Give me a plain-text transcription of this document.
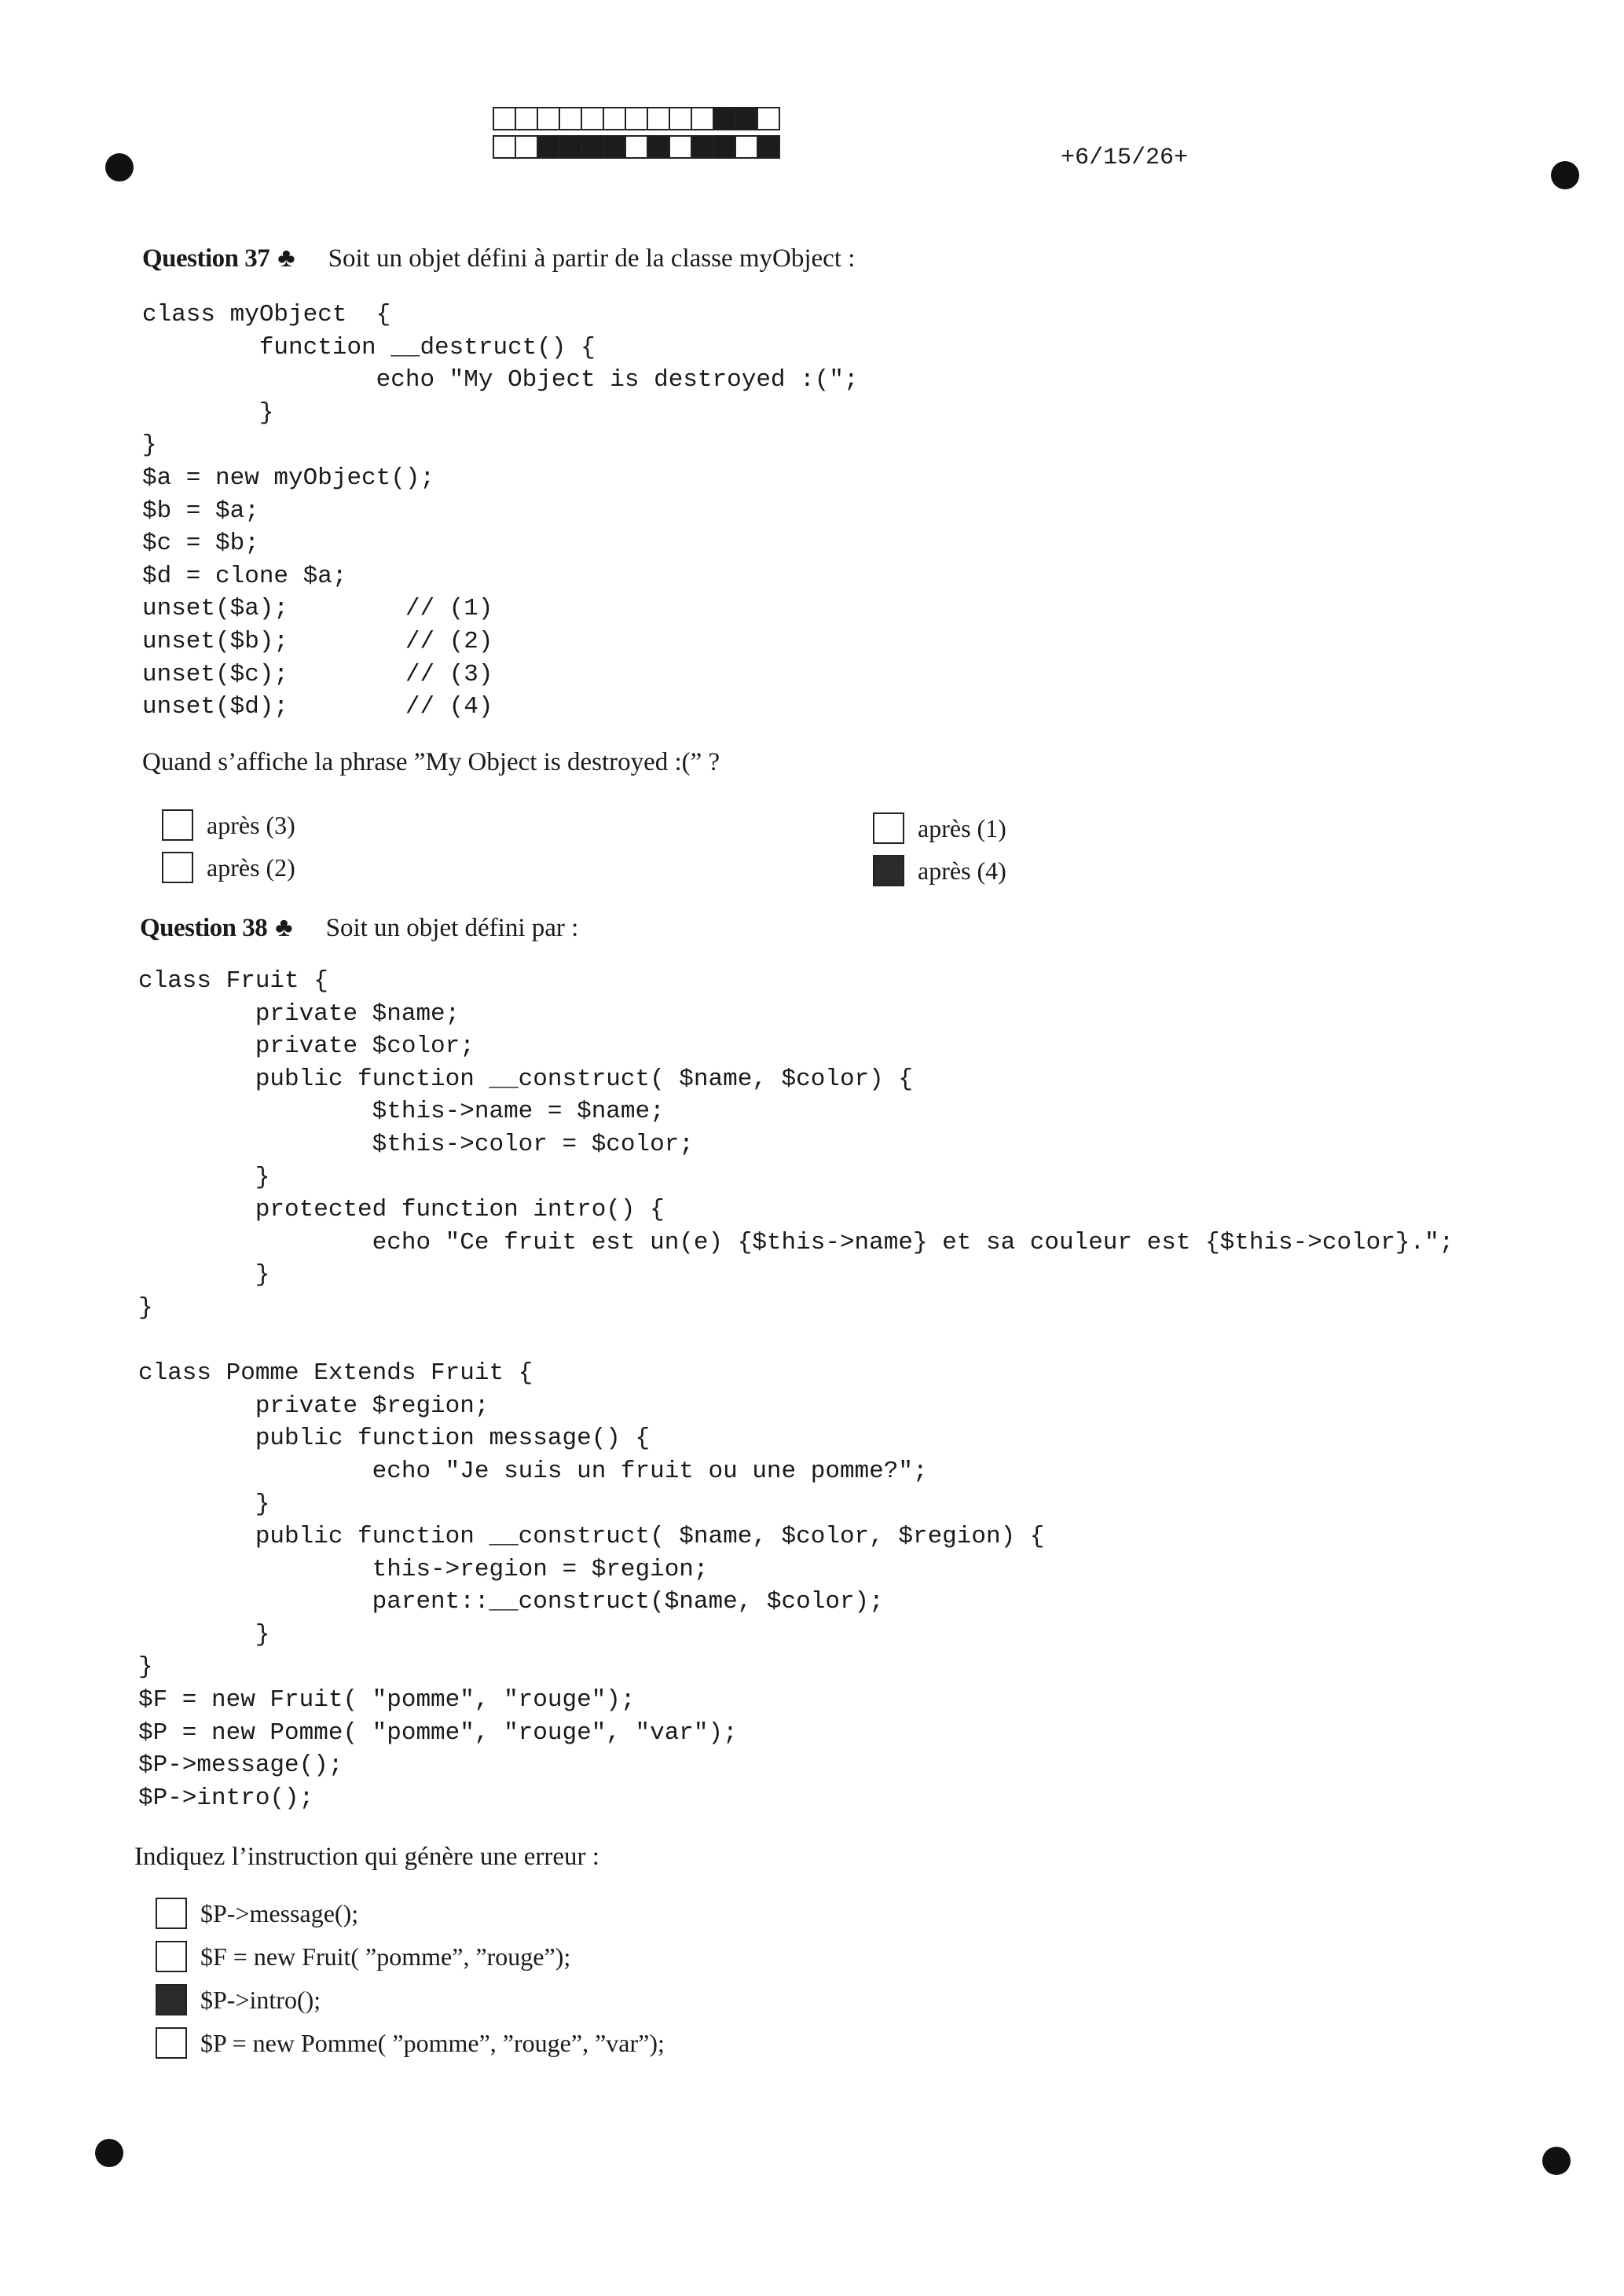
+6/15/26+
Question 37 ♣ Soit un objet défini à partir de la classe myObject :
class myObject  {
function __destruct() {
echo "My Object is destroyed :(";
}
}
$a = new myObject();
$b = $a;
$c = $b;
$d = clone $a;
unset($a);        // (1)
unset($b);        // (2)
unset($c);        // (3)
unset($d);        // (4)
Quand s’affiche la phrase ”My Object is destroyed :(” ?
après (3)
après (2)
après (1)
après (4)
Question 38 ♣ Soit un objet défini par :
class Fruit {
private $name;
private $color;
public function __construct( $name, $color) {
$this->name = $name;
$this->color = $color;
}
protected function intro() {
echo "Ce fruit est un(e) {$this->name} et sa couleur est {$this->color}.";
}
}

class Pomme Extends Fruit {
private $region;
public function message() {
echo "Je suis un fruit ou une pomme?";
}
public function __construct( $name, $color, $region) {
this->region = $region;
parent::__construct($name, $color);
}
}
$F = new Fruit( "pomme", "rouge");
$P = new Pomme( "pomme", "rouge", "var");
$P->message();
$P->intro();
Indiquez l’instruction qui génère une erreur :
$P->message();
$F = new Fruit( ”pomme”, ”rouge”);
$P->intro();
$P = new Pomme( ”pomme”, ”rouge”, ”var”);
